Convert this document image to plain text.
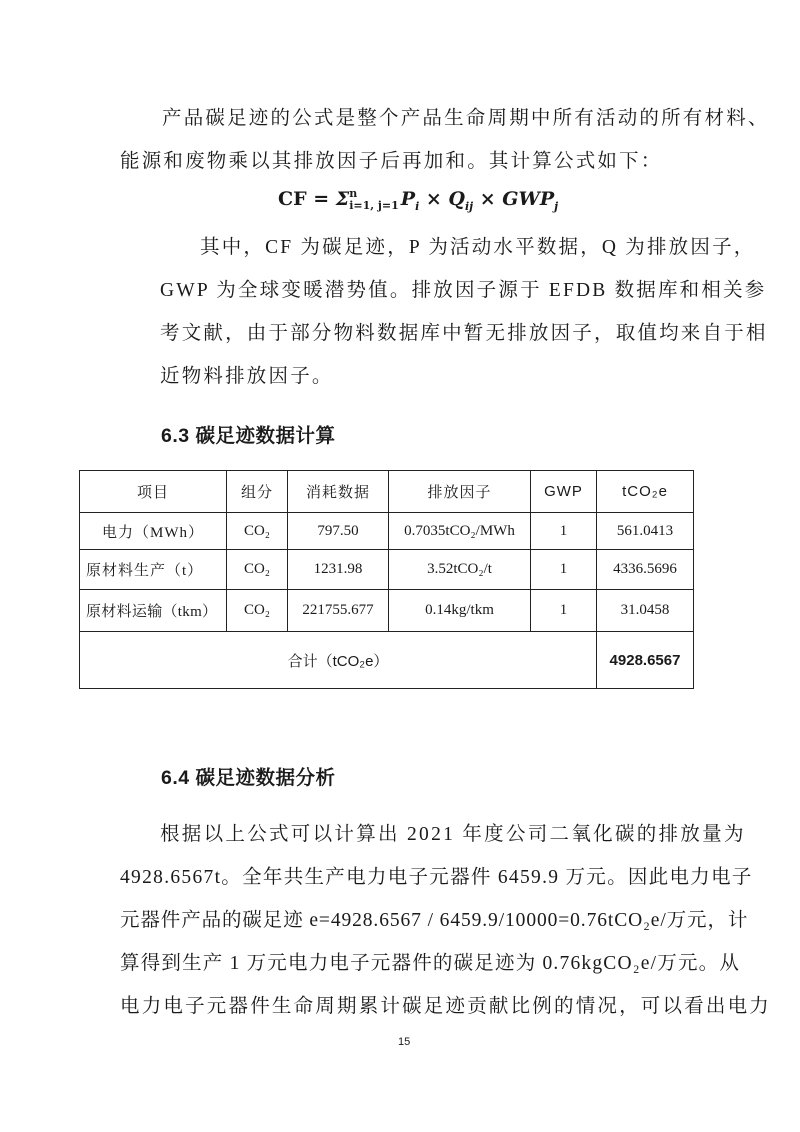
产品碳足迹的公式是整个产品生命周期中所有活动的所有材料、
能源和废物乘以其排放因子后再加和。其计算公式如下：
CF = Σ n
i=1, j=1 $P_i \times Q_{ij} \times GWP_j$
其中，CF 为碳足迹，P 为活动水平数据，Q 为排放因子，
GWP 为全球变暖潜势值。排放因子源于 EFDB 数据库和相关参
考文献，由于部分物料数据库中暂无排放因子，取值均来自于相
近物料排放因子。
6.3 碳足迹数据计算
项目	组分	消耗数据	排放因子	GWP	tCO₂e
电力（MWh）	CO₂	797.50	0.7035tCO₂/MWh	1	561.0413
原材料生产（t）	CO₂	1231.98	3.52tCO₂/t	1	4336.5696
原材料运输（tkm）	CO₂	221755.677	0.14kg/tkm	1	31.0458
合计（tCO₂e）					4928.6567
6.4 碳足迹数据分析
根据以上公式可以计算出 2021 年度公司二氧化碳的排放量为
4928.6567t。全年共生产电力电子元器件 6459.9 万元。因此电力电子
元器件产品的碳足迹 e=4928.6567 / 6459.9/10000=0.76tCO₂e/万元，计
算得到生产 1 万元电力电子元器件的碳足迹为 0.76kgCO₂e/万元。从
电力电子元器件生命周期累计碳足迹贡献比例的情况，可以看出电力
15
